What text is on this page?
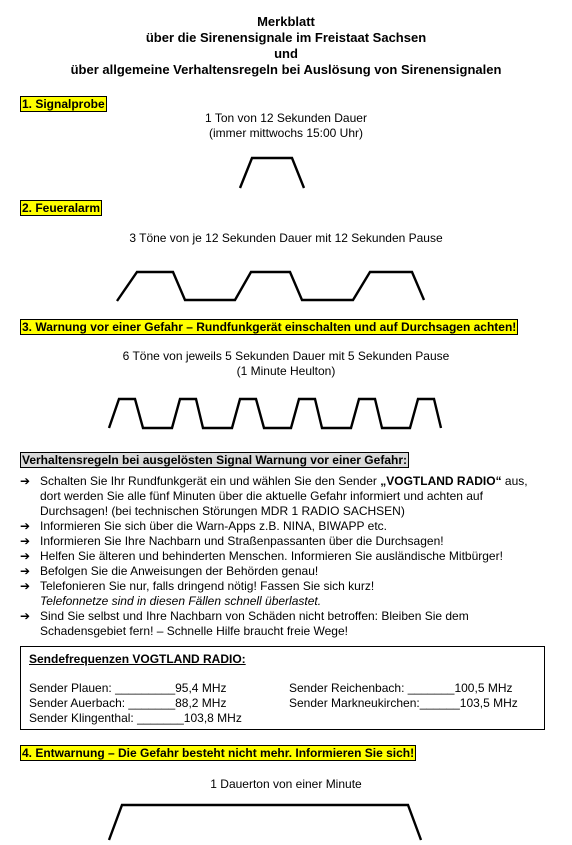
Merkblatt
über die Sirenensignale im Freistaat Sachsen
und
über allgemeine Verhaltensregeln bei Auslösung von Sirenensignalen
1. Signalprobe
1 Ton von 12 Sekunden Dauer
(immer mittwochs 15:00 Uhr)
2. Feueralarm
3 Töne von je 12 Sekunden Dauer mit 12 Sekunden Pause
3. Warnung vor einer Gefahr – Rundfunkgerät einschalten und auf Durchsagen achten!
6 Töne von jeweils 5 Sekunden Dauer mit 5 Sekunden Pause
(1 Minute Heulton)
Verhaltensregeln bei ausgelösten Signal Warnung vor einer Gefahr:
➔ Schalten Sie Ihr Rundfunkgerät ein und wählen Sie den Sender „VOGTLAND RADIO“ aus, dort werden Sie alle fünf Minuten über die aktuelle Gefahr informiert und achten auf Durchsagen! (bei technischen Störungen MDR 1 RADIO SACHSEN)
➔ Informieren Sie sich über die Warn-Apps z.B. NINA, BIWAPP etc.
➔ Informieren Sie Ihre Nachbarn und Straßenpassanten über die Durchsagen!
➔ Helfen Sie älteren und behinderten Menschen. Informieren Sie ausländische Mitbürger!
➔ Befolgen Sie die Anweisungen der Behörden genau!
➔ Telefonieren Sie nur, falls dringend nötig! Fassen Sie sich kurz!
Telefonnetze sind in diesen Fällen schnell überlastet.
➔ Sind Sie selbst und Ihre Nachbarn von Schäden nicht betroffen: Bleiben Sie dem Schadensgebiet fern! – Schnelle Hilfe braucht freie Wege!
Sendefrequenzen VOGTLAND RADIO:
Sender Plauen: _________95,4 MHz
Sender Auerbach: _______88,2 MHz
Sender Klingenthal: _______103,8 MHz
Sender Reichenbach: _______100,5 MHz
Sender Markneukirchen:______103,5 MHz
4. Entwarnung – Die Gefahr besteht nicht mehr. Informieren Sie sich!
1 Dauerton von einer Minute
